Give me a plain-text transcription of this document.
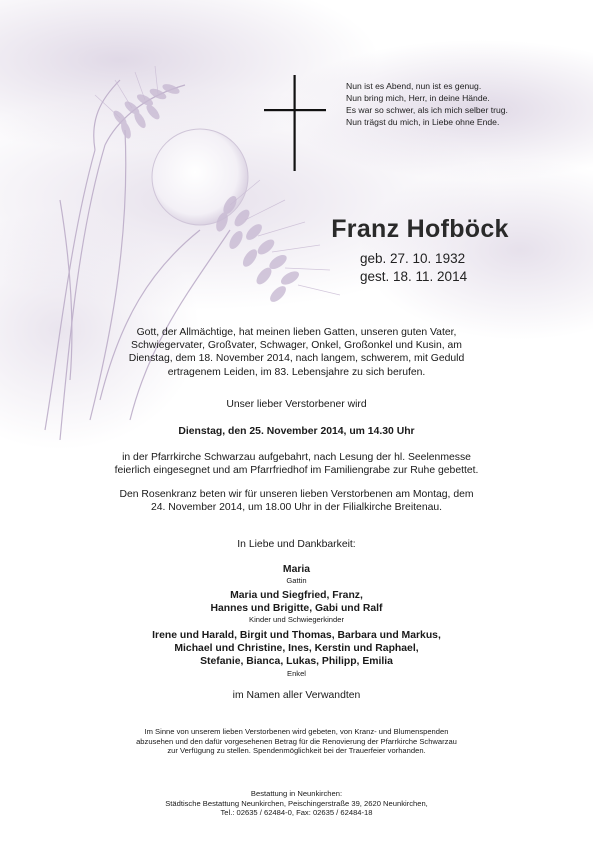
Nun ist es Abend, nun ist es genug.
Nun bring mich, Herr, in deine Hände.
Es war so schwer, als ich mich selber trug.
Nun trägst du mich, in Liebe ohne Ende.
Franz Hofböck
geb. 27. 10. 1932
gest. 18. 11. 2014
Gott, der Allmächtige, hat meinen lieben Gatten, unseren guten Vater,
Schwiegervater, Großvater, Schwager, Onkel, Großonkel und Kusin, am
Dienstag, dem 18. November 2014, nach langem, schwerem, mit Geduld
ertragenem Leiden, im 83. Lebensjahre zu sich berufen.
Unser lieber Verstorbener wird
Dienstag, den 25. November 2014, um 14.30 Uhr
in der Pfarrkirche Schwarzau aufgebahrt, nach Lesung der hl. Seelenmesse
feierlich eingesegnet und am Pfarrfriedhof im Familiengrabe zur Ruhe gebettet.
Den Rosenkranz beten wir für unseren lieben Verstorbenen am Montag, dem
24. November 2014, um 18.00 Uhr in der Filialkirche Breitenau.
In Liebe und Dankbarkeit:
Maria
Gattin
Maria und Siegfried, Franz,
Hannes und Brigitte, Gabi und Ralf
Kinder und Schwiegerkinder
Irene und Harald, Birgit und Thomas, Barbara und Markus,
Michael und Christine, Ines, Kerstin und Raphael,
Stefanie, Bianca, Lukas, Philipp, Emilia
Enkel
im Namen aller Verwandten
Im Sinne von unserem lieben Verstorbenen wird gebeten, von Kranz- und Blumenspenden
abzusehen und den dafür vorgesehenen Betrag für die Renovierung der Pfarrkirche Schwarzau
zur Verfügung zu stellen. Spendenmöglichkeit bei der Trauerfeier vorhanden.
Bestattung in Neunkirchen:
Städtische Bestattung Neunkirchen, Peischingerstraße 39, 2620 Neunkirchen,
Tel.: 02635 / 62484-0, Fax: 02635 / 62484-18
